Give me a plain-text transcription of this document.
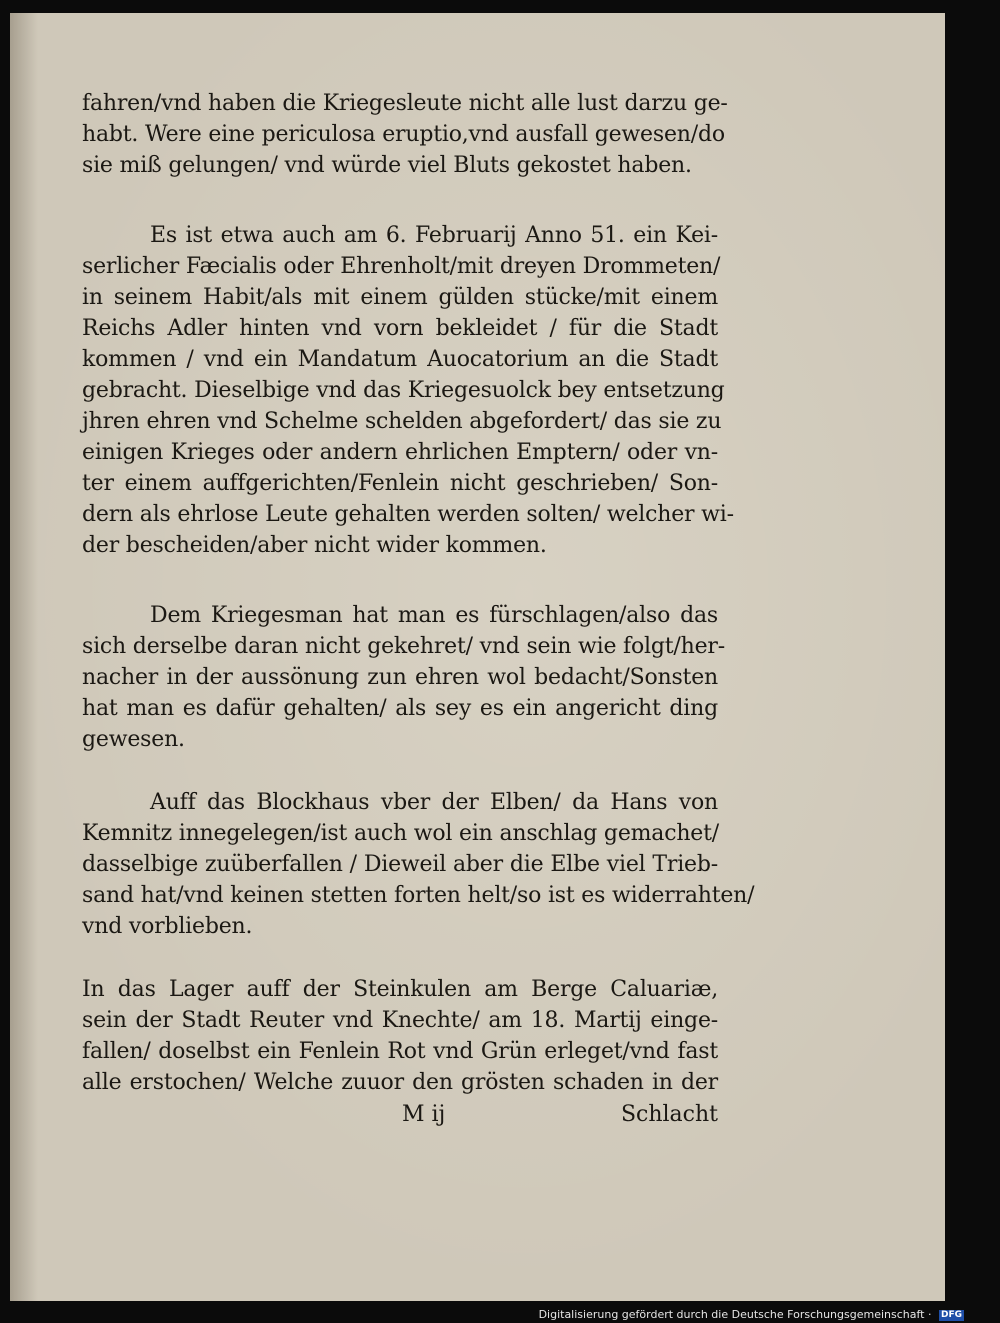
fahren/vnd haben die Kriegesleute nicht alle lust darzu ge-
habt. Were eine periculosa eruptio,vnd ausfall gewesen/do
sie miß gelungen/ vnd würde viel Bluts gekostet haben.
Es ist etwa auch am 6. Februarij Anno 51. ein Kei-
serlicher Fæcialis oder Ehrenholt/mit dreyen Drommeten/
in seinem Habit/als mit einem gülden stücke/mit einem
Reichs Adler hinten vnd vorn bekleidet / für die Stadt
kommen / vnd ein Mandatum Auocatorium an die Stadt
gebracht. Dieselbige vnd das Kriegesuolck bey entsetzung
jhren ehren vnd Schelme schelden abgefordert/ das sie zu
einigen Krieges oder andern ehrlichen Emptern/ oder vn-
ter einem auffgerichten/Fenlein nicht geschrieben/ Son-
dern als ehrlose Leute gehalten werden solten/ welcher wi-
der bescheiden/aber nicht wider kommen.
Dem Kriegesman hat man es fürschlagen/also das
sich derselbe daran nicht gekehret/ vnd sein wie folgt/her-
nacher in der aussönung zun ehren wol bedacht/Sonsten
hat man es dafür gehalten/ als sey es ein angericht ding
gewesen.
Auff das Blockhaus vber der Elben/ da Hans von
Kemnitz innegelegen/ist auch wol ein anschlag gemachet/
dasselbige zuüberfallen / Dieweil aber die Elbe viel Trieb-
sand hat/vnd keinen stetten forten helt/so ist es widerrahten/
vnd vorblieben.
In das Lager auff der Steinkulen am Berge Caluariæ,
sein der Stadt Reuter vnd Knechte/ am 18. Martij einge-
fallen/ doselbst ein Fenlein Rot vnd Grün erleget/vnd fast
alle erstochen/ Welche zuuor den grösten schaden in der
M ij	Schlacht
Digitalisierung gefördert durch die Deutsche Forschungsgemeinschaft · DFG
